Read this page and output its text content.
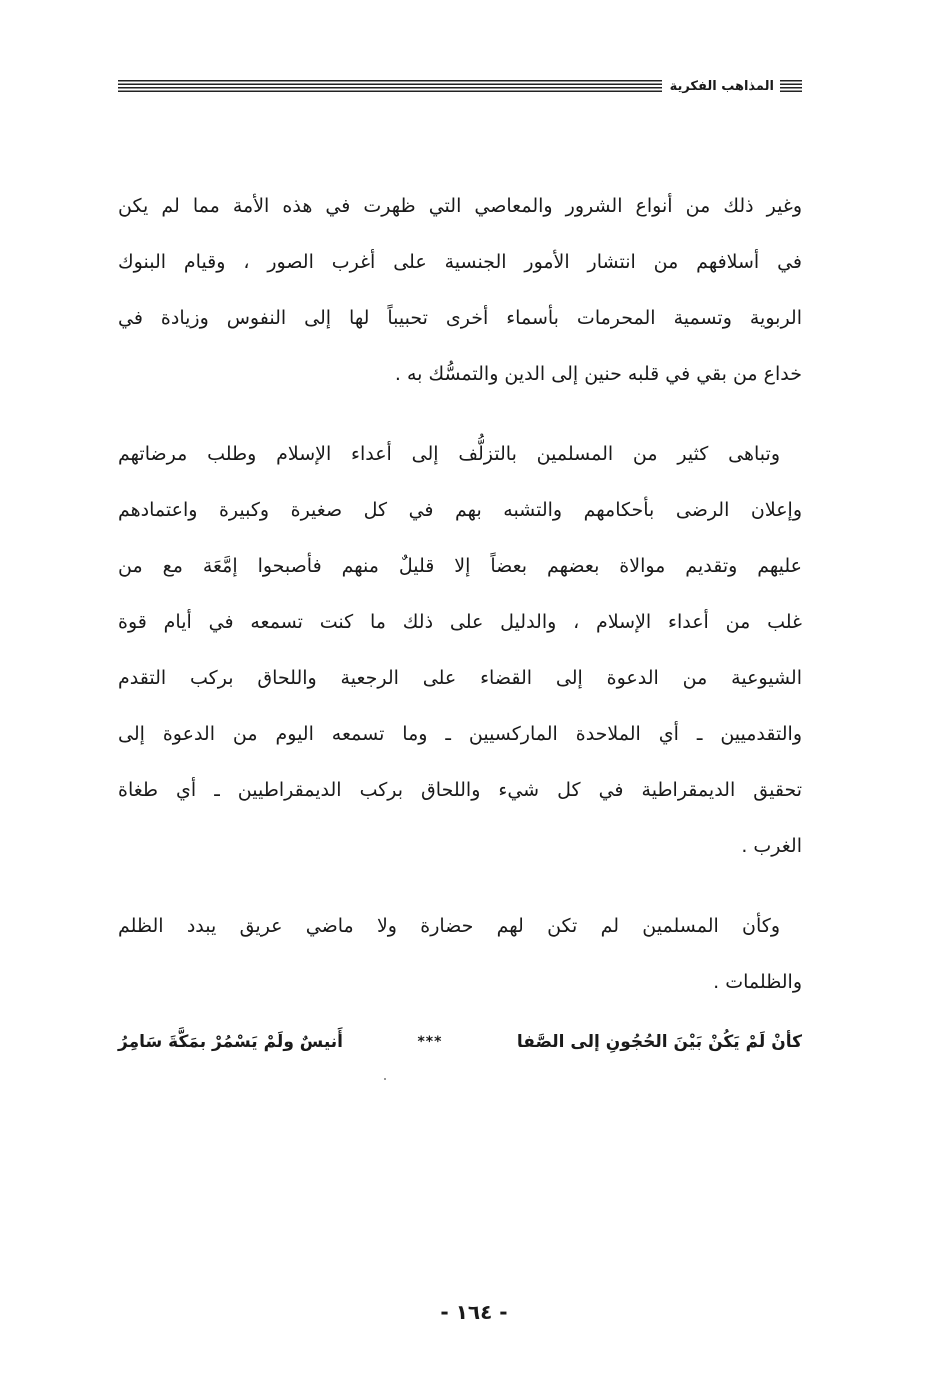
المذاهب الفكرية
وغير ذلك من أنواع الشرور والمعاصي التي ظهرت في هذه الأمة مما لم يكن
في أسلافهم من انتشار الأمور الجنسية على أغرب الصور ، وقيام البنوك
الربوية وتسمية المحرمات بأسماء أخرى تحبيباً لها إلى النفوس وزيادة في
خداع من بقي في قلبه حنين إلى الدين والتمسُّك به .
وتباهى كثير من المسلمين بالتزلُّف إلى أعداء الإسلام وطلب مرضاتهم
وإعلان الرضى بأحكامهم والتشبه بهم في كل صغيرة وكبيرة واعتمادهم
عليهم وتقديم موالاة بعضهم بعضاً إلا قليلٌ منهم فأصبحوا إمَّعَة مع من
غلب من أعداء الإسلام ، والدليل على ذلك ما كنت تسمعه في أيام قوة
الشيوعية من الدعوة إلى القضاء على الرجعية واللحاق بركب التقدم
والتقدميين ـ أي الملاحدة الماركسيين ـ وما تسمعه اليوم من الدعوة إلى
تحقيق الديمقراطية في كل شيء واللحاق بركب الديمقراطيين ـ أي طغاة
الغرب .
وكأن المسلمين لم تكن لهم حضارة ولا ماضي عريق يبدد الظلم
والظلمات .
كأنْ لَمْ يَكُنْ بَيْنَ الحُجُونِ إلى الصَّفا
***
أَنيسٌ ولَمْ يَسْمُرْ بمَكَّةَ سَامِرُ
- ١٦٤ -
